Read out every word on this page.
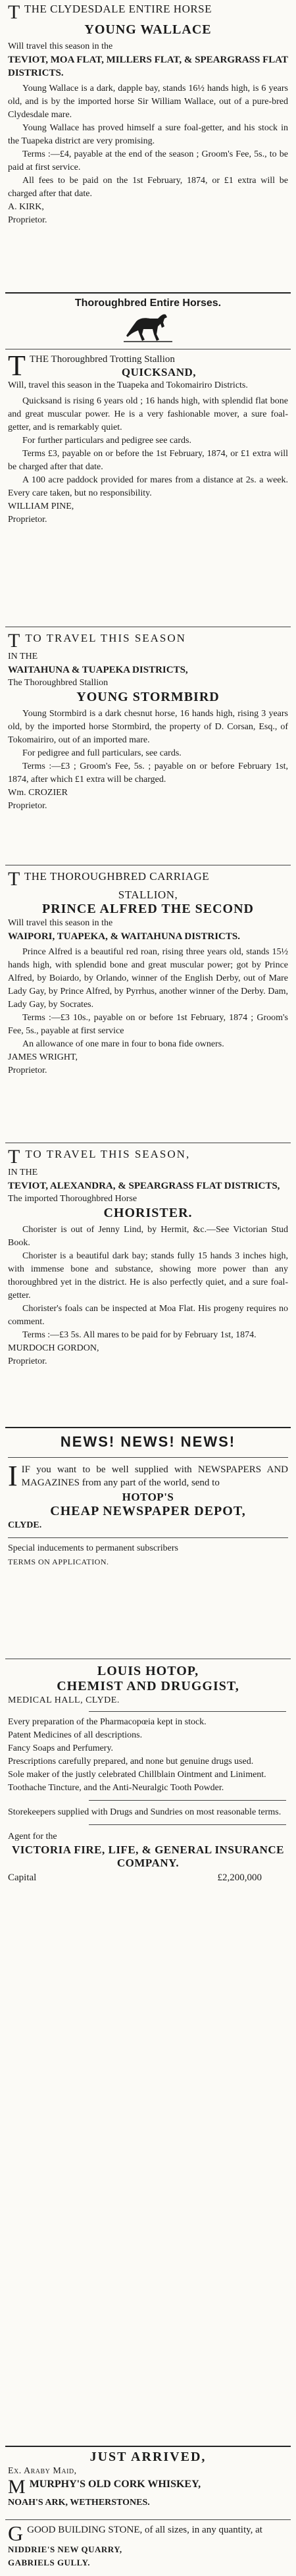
TTHE CLYDESDALE ENTIRE HORSE

YOUNG WALLACE

Will travel this season in the

TEVIOT, MOA FLAT, MILLERS FLAT, & SPEARGRASS FLAT DISTRICTS.

Young Wallace is a dark, dapple bay, stands 16½ hands high, is 6 years old, and is by the imported horse Sir William Wallace, out of a pure-bred Clydesdale mare.

Young Wallace has proved himself a sure foal-getter, and his stock in the Tuapeka district are very promising.

Terms :—£4, payable at the end of the season ; Groom's Fee, 5s., to be paid at first service.

All fees to be paid on the 1st February, 1874, or £1 extra will be charged after that date.

A. KIRK,

Proprietor.

Thoroughbred Entire Horses.

TTHE Thoroughbred Trotting Stallion

QUICKSAND,

Will, travel this season in the Tuapeka and Tokomairiro Districts.

Quicksand is rising 6 years old ; 16 hands high, with splendid flat bone and great muscular power. He is a very fashionable mover, a sure foal-getter, and is remarkably quiet.

For further particulars and pedigree see cards.

Terms £3, payable on or before the 1st February, 1874, or £1 extra will be charged after that date.

A 100 acre paddock provided for mares from a distance at 2s. a week. Every care taken, but no responsibility.

WILLIAM PINE,

Proprietor.

TTO TRAVEL THIS SEASON

IN THE

WAITAHUNA & TUAPEKA DISTRICTS,

The Thoroughbred Stallion

YOUNG STORMBIRD

Young Stormbird is a dark chesnut horse, 16 hands high, rising 3 years old, by the imported horse Stormbird, the property of D. Corsan, Esq., of Tokomairiro, out of an imported mare.

For pedigree and full particulars, see cards.

Terms :—£3 ; Groom's Fee, 5s. ; payable on or before February 1st, 1874, after which £1 extra will be charged.

Wm. CROZIER

Proprietor.

TTHE THOROUGHBRED CARRIAGE

STALLION,

PRINCE ALFRED THE SECOND

Will travel this season in the

WAIPORI, TUAPEKA, & WAITAHUNA DISTRICTS.

Prince Alfred is a beautiful red roan, rising three years old, stands 15½ hands high, with splendid bone and great muscular power; got by Prince Alfred, by Boiardo, by Orlando, winner of the English Derby, out of Mare Lady Gay, by Prince Alfred, by Pyrrhus, another winner of the Derby. Dam, Lady Gay, by Socrates.

Terms :—£3 10s., payable on or before 1st February, 1874 ; Groom's Fee, 5s., payable at first service

An allowance of one mare in four to bona fide owners.

JAMES WRIGHT,

Proprietor.

TTO TRAVEL THIS SEASON,

IN THE

TEVIOT, ALEXANDRA, & SPEARGRASS FLAT DISTRICTS,

The imported Thoroughbred Horse

CHORISTER.

Chorister is out of Jenny Lind, by Hermit, &c.—See Victorian Stud Book.

Chorister is a beautiful dark bay; stands fully 15 hands 3 inches high, with immense bone and substance, showing more power than any thoroughbred yet in the district. He is also perfectly quiet, and a sure foal-getter.

Chorister's foals can be inspected at Moa Flat. His progeny requires no comment.

Terms :—£3 5s. All mares to be paid for by February 1st, 1874.

MURDOCH GORDON,

Proprietor.

NEWS! NEWS! NEWS!

IIF you want to be well supplied with NEWSPAPERS AND MAGAZINES from any part of the world, send to

HOTOP'S

CHEAP NEWSPAPER DEPOT,

CLYDE.

Special inducements to permanent subscribers

TERMS ON APPLICATION.

LOUIS HOTOP,

CHEMIST AND DRUGGIST,

MEDICAL HALL, CLYDE.

Every preparation of the Pharmacopœia kept in stock.

Patent Medicines of all descriptions.

Fancy Soaps and Perfumery.

Prescriptions carefully prepared, and none but genuine drugs used.

Sole maker of the justly celebrated Chillblain Ointment and Liniment.

Toothache Tincture, and the Anti-Neuralgic Tooth Powder.

Storekeepers supplied with Drugs and Sundries on most reasonable terms.

Agent for the

VICTORIA FIRE, LIFE, & GENERAL INSURANCE COMPANY.

Capital	£2,200,000

JUST ARRIVED,

Ex. Araby Maid,

MMURPHY'S OLD CORK WHISKEY,

NOAH'S ARK, WETHERSTONES.

GGOOD BUILDING STONE, of all sizes, in any quantity, at

NIDDRIE'S NEW QUARRY,

GABRIELS GULLY.
